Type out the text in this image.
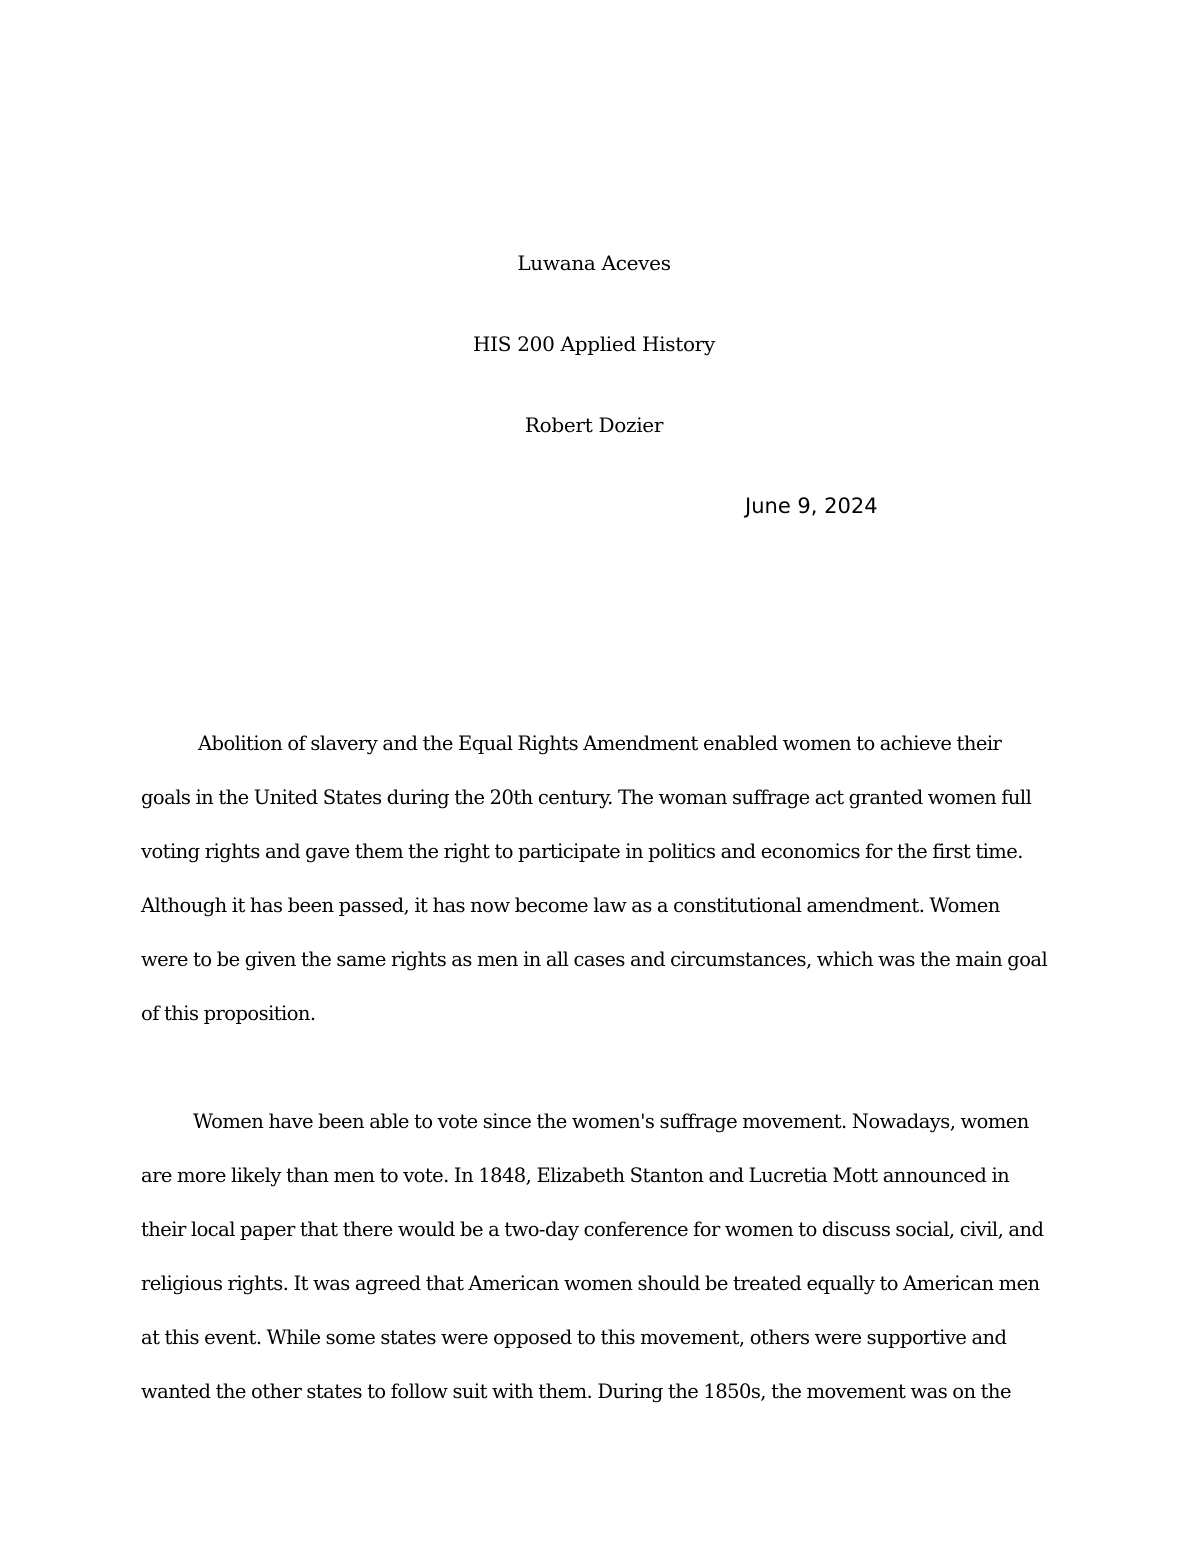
Luwana Aceves
HIS 200 Applied History
Robert Dozier
June 9, 2024
Abolition of slavery and the Equal Rights Amendment enabled women to achieve their
goals in the United States during the 20th century. The woman suffrage act granted women full
voting rights and gave them the right to participate in politics and economics for the first time.
Although it has been passed, it has now become law as a constitutional amendment. Women
were to be given the same rights as men in all cases and circumstances, which was the main goal
of this proposition.
Women have been able to vote since the women's suffrage movement. Nowadays, women
are more likely than men to vote. In 1848, Elizabeth Stanton and Lucretia Mott announced in
their local paper that there would be a two-day conference for women to discuss social, civil, and
religious rights. It was agreed that American women should be treated equally to American men
at this event. While some states were opposed to this movement, others were supportive and
wanted the other states to follow suit with them. During the 1850s, the movement was on the
